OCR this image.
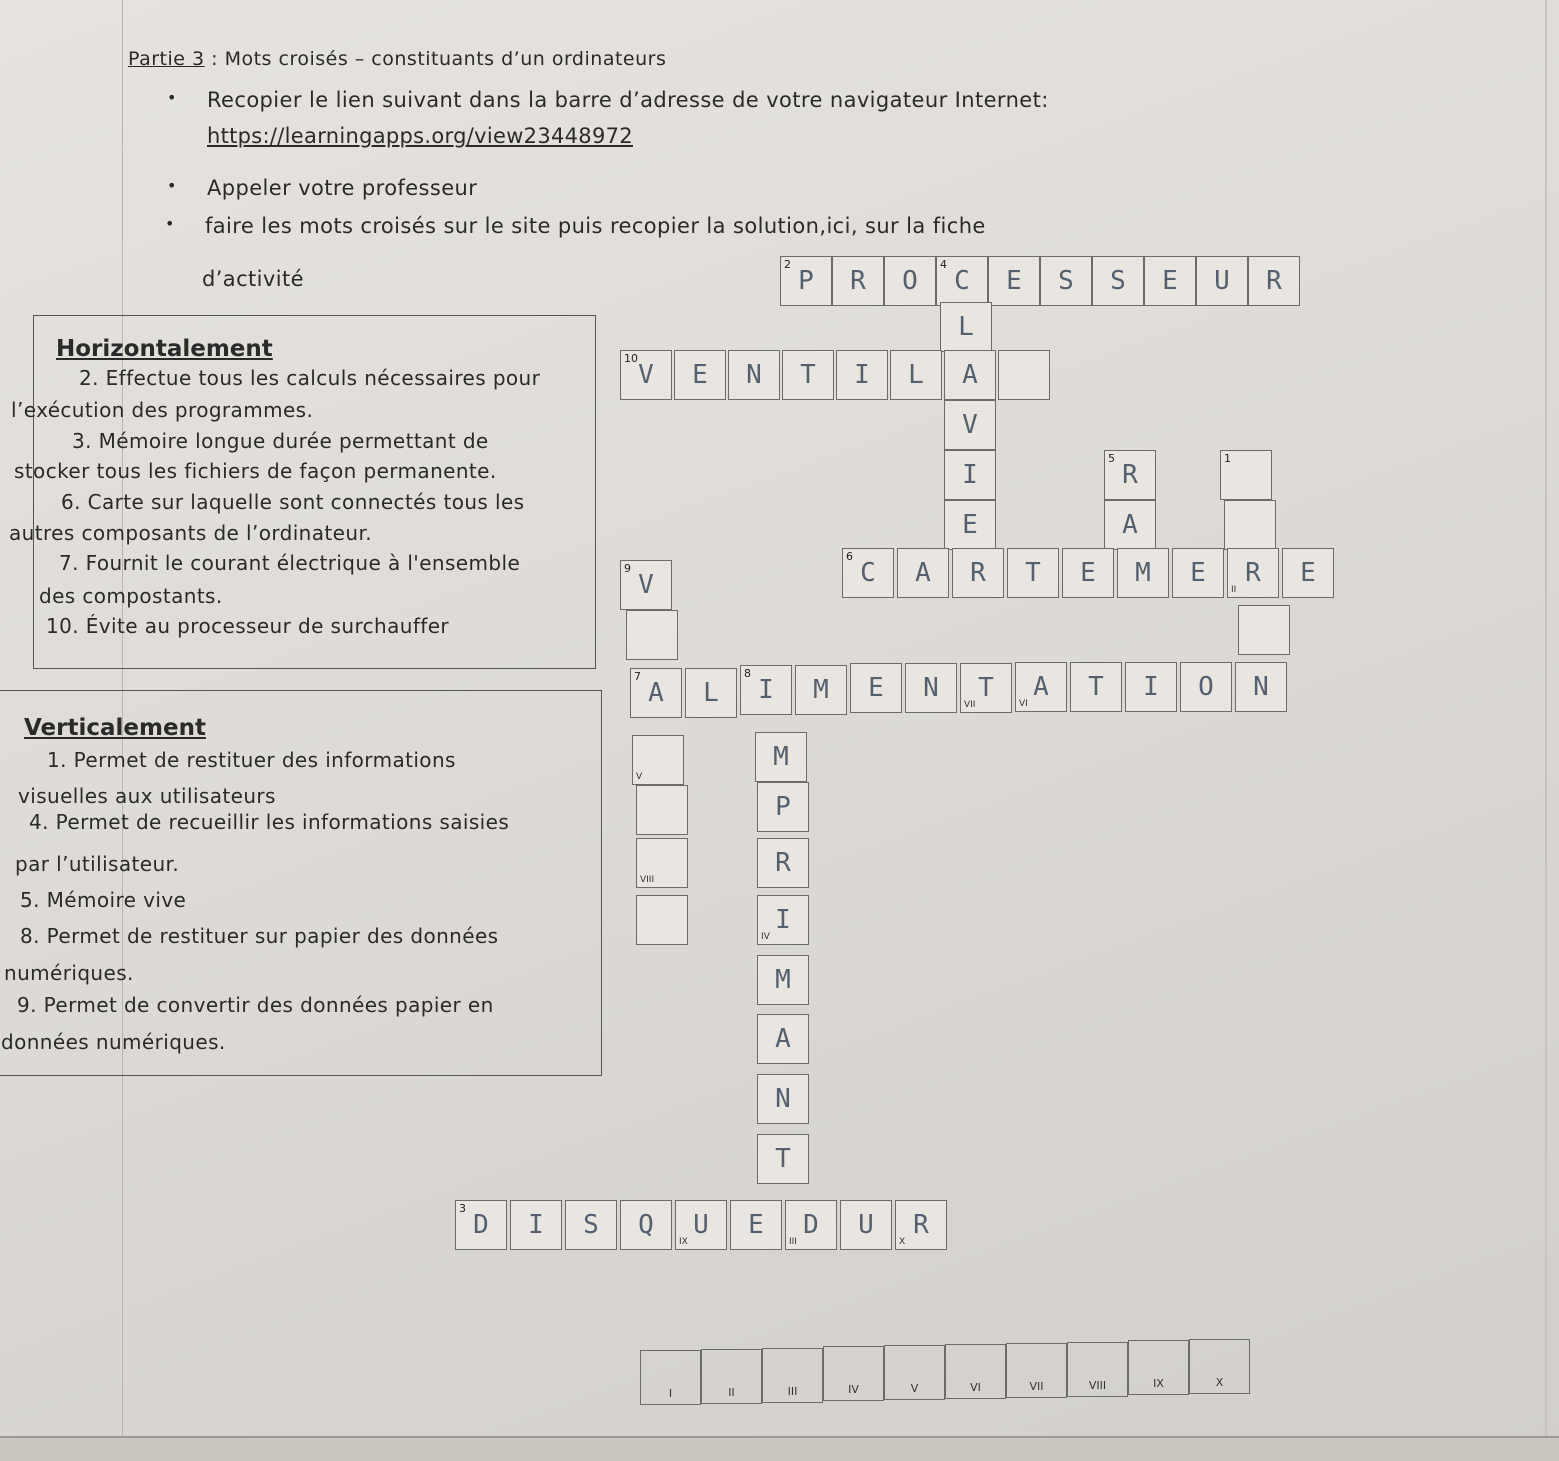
Partie 3 : Mots croisés – constituants d’un ordinateurs
• Recopier le lien suivant dans la barre d’adresse de votre navigateur Internet:
https://learningapps.org/view23448972
• Appeler votre professeur
• faire les mots croisés sur le site puis recopier la solution,ici, sur la fiche
d’activité
Horizontalement
2. Effectue tous les calculs nécessaires pour
l’exécution des programmes.
3. Mémoire longue durée permettant de
stocker tous les fichiers de façon permanente.
6. Carte sur laquelle sont connectés tous les
autres composants de l’ordinateur.
7. Fournit le courant électrique à l'ensemble
des compostants.
10. Évite au processeur de surchauffer
Verticalement
1. Permet de restituer des informations
visuelles aux utilisateurs
4. Permet de recueillir les informations saisies
par l’utilisateur.
5. Mémoire vive
8. Permet de restituer sur papier des données
numériques.
9. Permet de convertir des données papier en
données numériques.
2
P	R	O
4
C	E	S	S	E	U	R
L
10
V	E	N	T	I	L	A
V
I
5
R
1
E	A
9
V
6
C	A	R	T	E	M	E
II
R	E
7
A	L
8
I	M	E	N
VII
T
VI
A	T	I	O	N
V
M
P
VIII
R
IV
I
M
A
N
T
3
D	I	S	Q
IX
U	E
III
D	U
X
R
I	II	III	IV	V	VI	VII	VIII	IX	X
